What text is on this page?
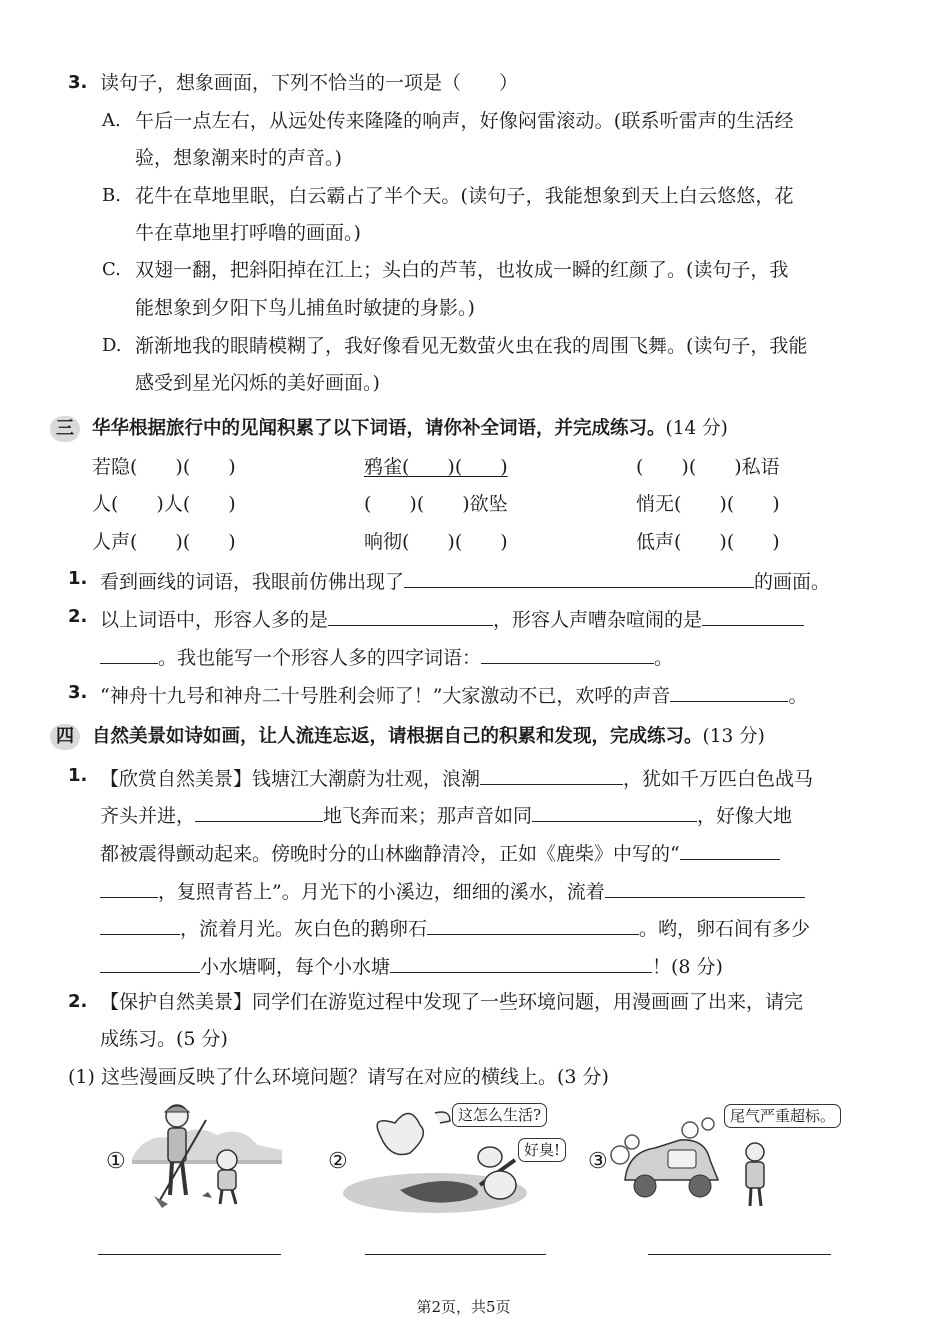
3. 读句子，想象画面，下列不恰当的一项是（　　）
A. 午后一点左右，从远处传来隆隆的响声，好像闷雷滚动。(联系听雷声的生活经
验，想象潮来时的声音。)
B. 花牛在草地里眠，白云霸占了半个天。(读句子，我能想象到天上白云悠悠，花
牛在草地里打呼噜的画面。)
C. 双翅一翻，把斜阳掉在江上；头白的芦苇，也妆成一瞬的红颜了。(读句子，我
能想象到夕阳下鸟儿捕鱼时敏捷的身影。)
D. 渐渐地我的眼睛模糊了，我好像看见无数萤火虫在我的周围飞舞。(读句子，我能
感受到星光闪烁的美好画面。)
三 华华根据旅行中的见闻积累了以下词语，请你补全词语，并完成练习。(14 分)
若隐(　　)(　　)	鸦雀(　　)(　　)	(　　)(　　)私语
人(　　)人(　　)	(　　)(　　)欲坠	悄无(　　)(　　)
人声(　　)(　　)	响彻(　　)(　　)	低声(　　)(　　)
1. 看到画线的词语，我眼前仿佛出现了	的画面。
2. 以上词语中，形容人多的是	，形容人声嘈杂喧闹的是
。我也能写一个形容人多的四字词语：	。
3. “神舟十九号和神舟二十号胜利会师了！”大家激动不已，欢呼的声音	。
四 自然美景如诗如画，让人流连忘返，请根据自己的积累和发现，完成练习。(13 分)
1. 【欣赏自然美景】钱塘江大潮蔚为壮观，浪潮	，犹如千万匹白色战马
齐头并进，	地飞奔而来；那声音如同	，好像大地
都被震得颤动起来。傍晚时分的山林幽静清冷，正如《鹿柴》中写的“
，复照青苔上”。月光下的小溪边，细细的溪水，流着
，流着月光。灰白色的鹅卵石	。哟，卵石间有多少
小水塘啊，每个小水塘	！(8 分)
2. 【保护自然美景】同学们在游览过程中发现了一些环境问题，用漫画画了出来，请完
成练习。(5 分)
(1) 这些漫画反映了什么环境问题？请写在对应的横线上。(3 分)
①	②
这怎么生活?
好臭! ③
尾气严重超标。
第2页，共5页
